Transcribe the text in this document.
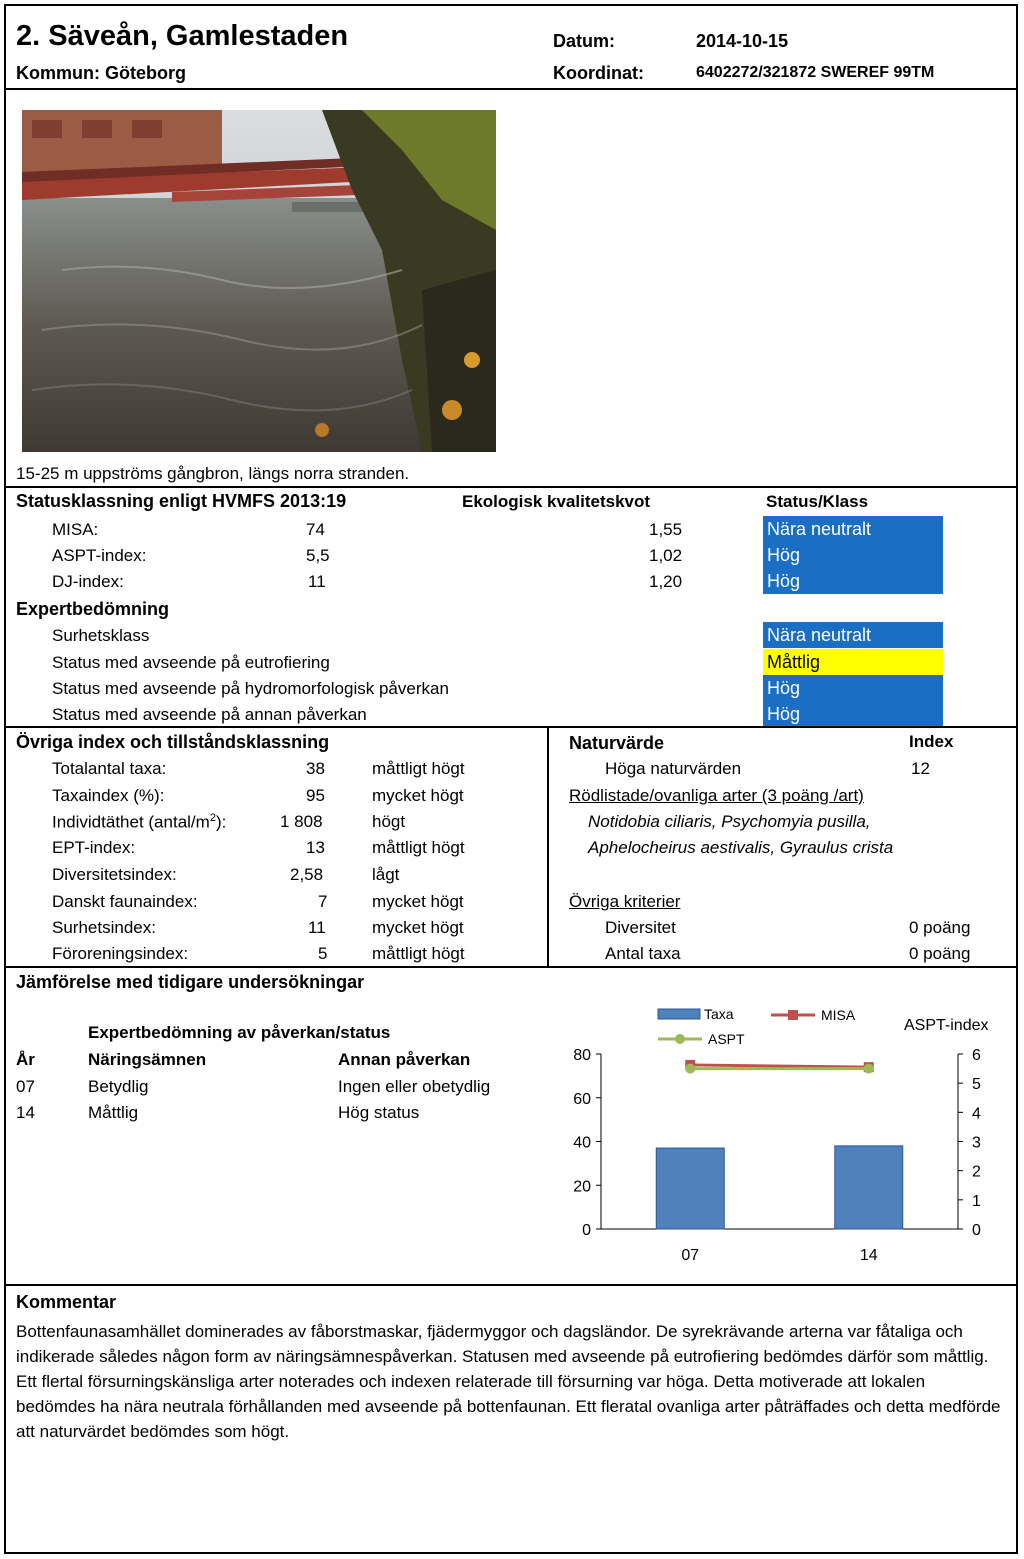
2. Säveån, Gamlestaden
Kommun: Göteborg
Datum:	2014-10-15
Koordinat:	6402272/321872 SWEREF 99TM
15-25 m uppströms gångbron, längs norra stranden.
Statusklassning enligt HVMFS 2013:19	Ekologisk kvalitetskvot	Status/Klass
MISA:	74	1,55	Nära neutralt
ASPT-index:	5,5	1,02	Hög
DJ-index:	11	1,20	Hög
Expertbedömning
Surhetsklass	Nära neutralt
Status med avseende på eutrofiering	Måttlig
Status med avseende på hydromorfologisk påverkan	Hög
Status med avseende på annan påverkan	Hög
Övriga index och tillståndsklassning
Totalantal taxa:	38	måttligt högt
Taxaindex (%):	95	mycket högt
Individtäthet $(antal/m^2)$:	1 808	högt
EPT-index:	13	måttligt högt
Diversitetsindex:	2,58	lågt
Danskt faunaindex:	7	mycket högt
Surhetsindex:	11	mycket högt
Föroreningsindex:	5	måttligt högt
Naturvärde	Index
Höga naturvärden	12
Rödlistade/ovanliga arter (3 poäng /art)
Notidobia ciliaris, Psychomyia pusilla,
Aphelocheirus aestivalis, Gyraulus crista
Övriga kriterier
Diversitet	0 poäng
Antal taxa	0 poäng
Jämförelse med tidigare undersökningar
Expertbedömning av påverkan/status
År	Näringsämnen	Annan påverkan
07	Betydlig	Ingen eller obetydlig
14	Måttlig	Hög status
0
20
40
60
80
0
1
2
3
4
5
6
ASPT-index
07	14
Taxa	MISA
ASPT
Kommentar
Bottenfaunasamhället dominerades av fåborstmaskar, fjädermyggor och dagsländor. De syrekrävande arterna var fåtaliga och indikerade således någon form av näringsämnespåverkan. Statusen med avseende på eutrofiering bedömdes därför som måttlig. Ett flertal försurningskänsliga arter noterades och indexen relaterade till försurning var höga. Detta motiverade att lokalen bedömdes ha nära neutrala förhållanden med avseende på bottenfaunan. Ett fleratal ovanliga arter påträffades och detta medförde att naturvärdet bedömdes som högt.
